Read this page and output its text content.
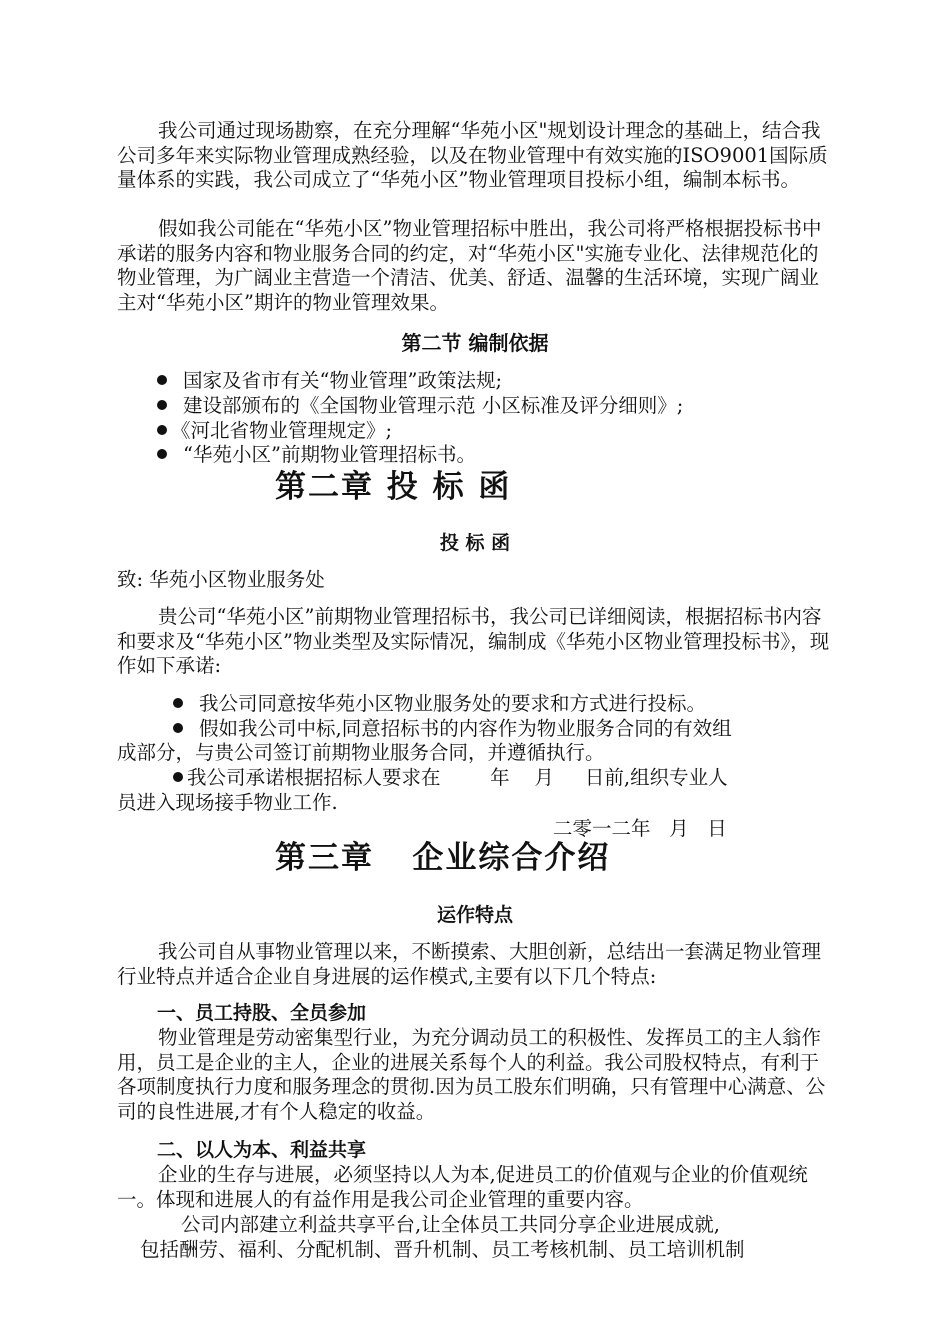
我公司通过现场勘察，在充分理解“华苑小区"规划设计理念的基础上，结合我公司多年来实际物业管理成熟经验，以及在物业管理中有效实施的ISO9001国际质量体系的实践，我公司成立了“华苑小区”物业管理项目投标小组，编制本标书。

假如我公司能在“华苑小区”物业管理招标中胜出，我公司将严格根据投标书中承诺的服务内容和物业服务合同的约定，对“华苑小区"实施专业化、法律规范化的物业管理，为广阔业主营造一个清洁、优美、舒适、温馨的生活环境，实现广阔业主对“华苑小区”期许的物业管理效果。

第二节 编制依据
国家及省市有关“物业管理”政策法规;
建设部颁布的《全国物业管理示范 小区标准及评分细则》;
《河北省物业管理规定》;
“华苑小区”前期物业管理招标书。
第二章 投 标 函
投 标 函
致: 华苑小区物业服务处

贵公司“华苑小区”前期物业管理招标书，我公司已详细阅读，根据招标书内容和要求及“华苑小区”物业类型及实际情况，编制成《华苑小区物业管理投标书》，现作如下承诺:

我公司同意按华苑小区物业服务处的要求和方式进行投标。
假如我公司中标,同意招标书的内容作为物业服务合同的有效组
成部分，与贵公司签订前期物业服务合同，并遵循执行。
我公司承诺根据招标人要求在        年    月     日前,组织专业人
员进入现场接手物业工作.
二零一二年   月   日
第三章   企业综合介绍
运作特点

我公司自从事物业管理以来，不断摸索、大胆创新，总结出一套满足物业管理行业特点并适合企业自身进展的运作模式,主要有以下几个特点:

一、员工持股、全员参加

物业管理是劳动密集型行业，为充分调动员工的积极性、发挥员工的主人翁作用，员工是企业的主人，企业的进展关系每个人的利益。我公司股权特点，有利于各项制度执行力度和服务理念的贯彻.因为员工股东们明确，只有管理中心满意、公司的良性进展,才有个人稳定的收益。

二、以人为本、利益共享

企业的生存与进展，必须坚持以人为本,促进员工的价值观与企业的价值观统一。体现和进展人的有益作用是我公司企业管理的重要内容。

公司内部建立利益共享平台,让全体员工共同分享企业进展成就,
包括酬劳、福利、分配机制、晋升机制、员工考核机制、员工培训机制
